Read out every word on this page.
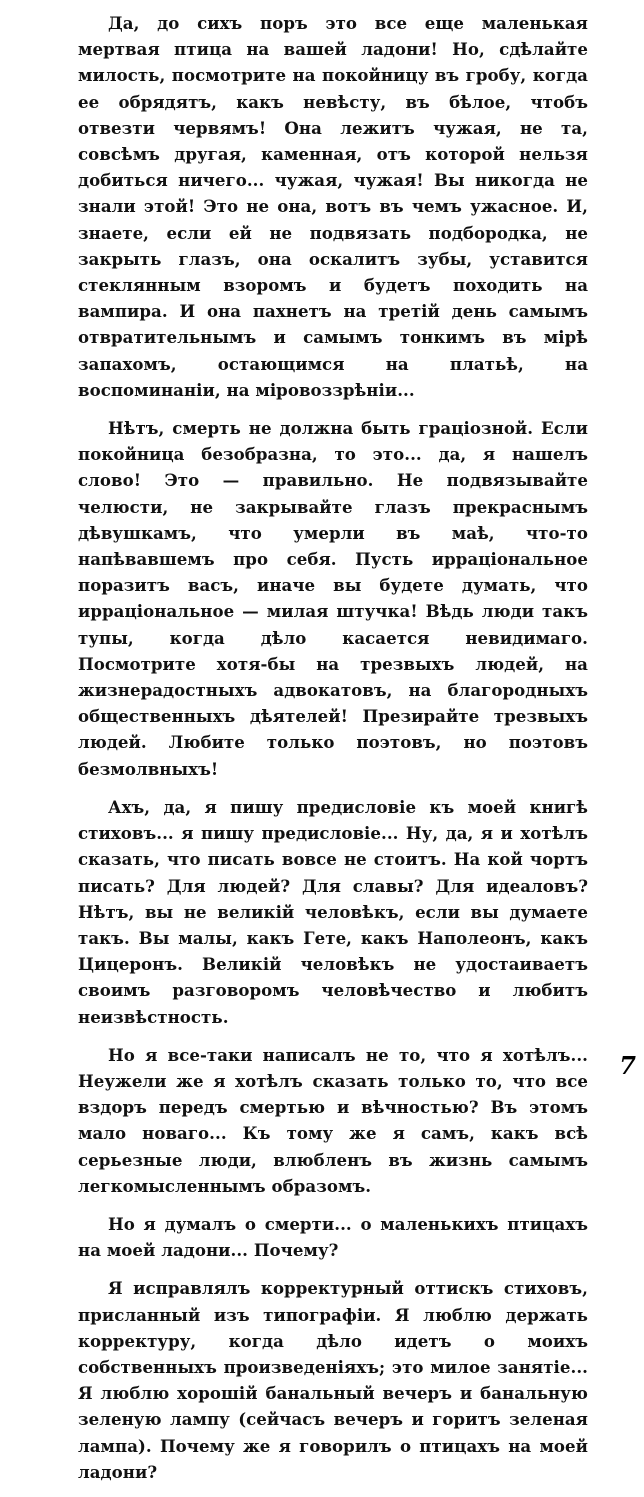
Да, до сихъ поръ это все еще маленькая мертвая птица на вашей ладони! Но, сдѣлайте милость, посмотрите на покойницу въ гробу, когда ее обрядятъ, какъ невѣсту, въ бѣлое, чтобъ отвезти червямъ! Она лежитъ чужая, не та, совсѣмъ другая, каменная, отъ которой нельзя добиться ничего... чужая, чужая! Вы никогда не знали этой! Это не она, вотъ въ чемъ ужасное. И, знаете, если ей не подвязать подбородка, не закрыть глазъ, она оскалитъ зубы, уставится стеклянным взоромъ и будетъ походить на вампира. И она пахнетъ на третiй день самымъ отвратительнымъ и самымъ тонкимъ въ мiрѣ запахомъ, остающимся на платьѣ, на воспоминанiи, на мiровоззрѣнiи...

Нѣтъ, смерть не должна быть грацiозной. Если покойница безобразна, то это... да, я нашелъ слово! Это — правильно. Не подвязывайте челюсти, не закрывайте глазъ прекраснымъ дѣвушкамъ, что умерли въ маѣ, что-то напѣвавшемъ про себя. Пусть иррацiональное поразитъ васъ, иначе вы будете думать, что иррацiональное — милая штучка! Вѣдь люди такъ тупы, когда дѣло касается невидимаго. Посмотрите хотя-бы на трезвыхъ людей, на жизнерадостныхъ адвокатовъ, на благородныхъ общественныхъ дѣятелей! Презирайте трезвыхъ людей. Любите только поэтовъ, но поэтовъ безмолвныхъ!

Ахъ, да, я пишу предисловiе къ моей книгѣ стиховъ... я пишу предисловiе... Ну, да, я и хотѣлъ сказать, что писать вовсе не стоитъ. На кой чортъ писать? Для людей? Для славы? Для идеаловъ? Нѣтъ, вы не великiй человѣкъ, если вы думаете такъ. Вы малы, какъ Гете, какъ Наполеонъ, какъ Цицеронъ. Великiй человѣкъ не удостаиваетъ своимъ разговоромъ человѣчество и любитъ неизвѣстность.

Но я все-таки написалъ не то, что я хотѣлъ... Неужели же я хотѣлъ сказать только то, что все вздоръ передъ смертью и вѣчностью? Въ этомъ мало новаго... Къ тому же я самъ, какъ всѣ серьезные люди, влюбленъ въ жизнь самымъ легкомысленнымъ образомъ.

Но я думалъ о смерти... о маленькихъ птицахъ на моей ладони... Почему?

Я исправлялъ корректурный оттискъ стиховъ, присланный изъ типографiи. Я люблю держать корректуру, когда дѣло идетъ о моихъ собственныхъ произведенiяхъ; это милое занятiе... Я люблю хорошiй банальный вечеръ и банальную зеленую лампу (сейчасъ вечеръ и горитъ зеленая лампа). Почему же я говорилъ о птицахъ на моей ладони?

7
